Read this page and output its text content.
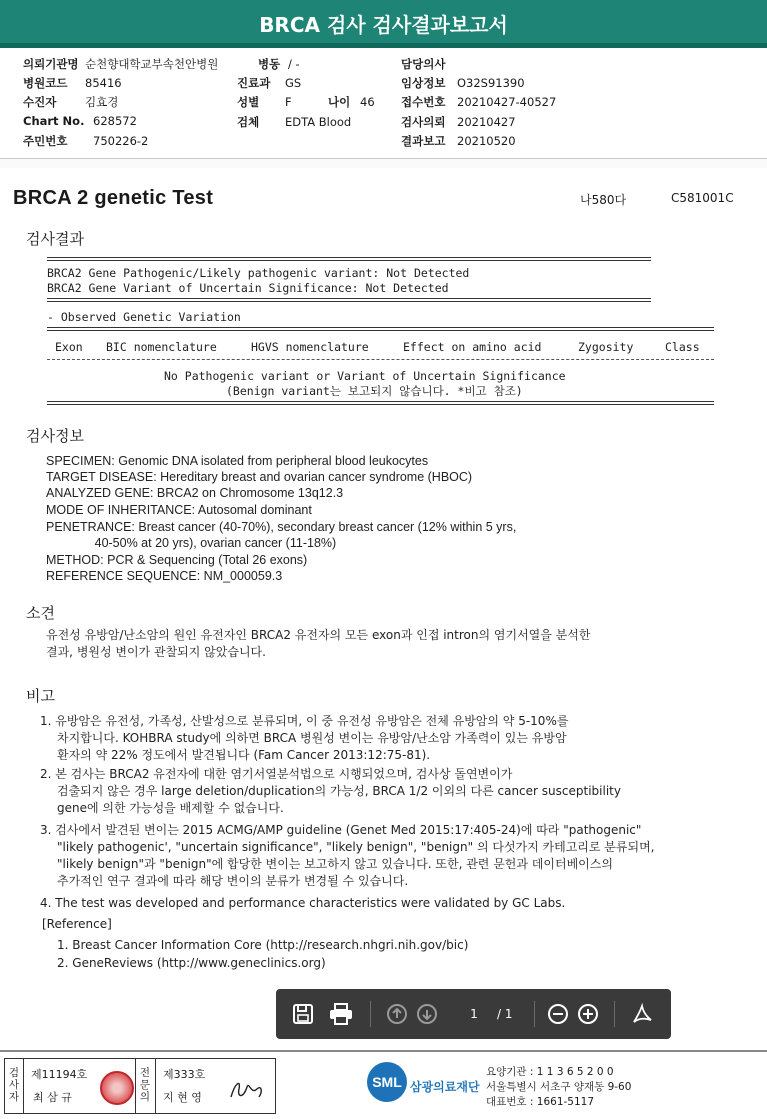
BRCA 검사 검사결과보고서
의뢰기관명 순천향대학교부속천안병원	병동 / -	담당의사
병원코드 85416	진료과 GS	임상정보 O32S91390
수진자 김효경	성별 F	나이 46 접수번호 20210427-40527
Chart No. 628572	검체 EDTA Blood	검사의뢰 20210427
주민번호 750226-2	결과보고 20210520
BRCA 2 genetic Test	나580다	C581001C
검사결과
BRCA2 Gene Pathogenic/Likely pathogenic variant: Not Detected
BRCA2 Gene Variant of Uncertain Significance: Not Detected
- Observed Genetic Variation
Exon BIC nomenclature	HGVS nomenclature	Effect on amino acid	Zygosity	Class
No Pathogenic variant or Variant of Uncertain Significance
(Benign variant는 보고되지 않습니다. *비고 참조)
검사정보
SPECIMEN: Genomic DNA isolated from peripheral blood leukocytes
TARGET DISEASE: Hereditary breast and ovarian cancer syndrome (HBOC)
ANALYZED GENE: BRCA2 on Chromosome 13q12.3
MODE OF INHERITANCE: Autosomal dominant
PENETRANCE: Breast cancer (40-70%), secondary breast cancer (12% within 5 yrs,
40-50% at 20 yrs), ovarian cancer (11-18%)
METHOD: PCR & Sequencing (Total 26 exons)
REFERENCE SEQUENCE: NM_000059.3
소견
유전성 유방암/난소암의 원인 유전자인 BRCA2 유전자의 모든 exon과 인접 intron의 염기서열을 분석한
결과, 병원성 변이가 관찰되지 않았습니다.
비고
1. 유방암은 유전성, 가족성, 산발성으로 분류되며, 이 중 유전성 유방암은 전체 유방암의 약 5-10%를
차지합니다. KOHBRA study에 의하면 BRCA 병원성 변이는 유방암/난소암 가족력이 있는 유방암
환자의 약 22% 정도에서 발견됩니다 (Fam Cancer 2013:12:75-81).
2. 본 검사는 BRCA2 유전자에 대한 염기서열분석법으로 시행되었으며, 검사상 돌연변이가
검출되지 않은 경우 large deletion/duplication의 가능성, BRCA 1/2 이외의 다른 cancer susceptibility
gene에 의한 가능성을 배제할 수 없습니다.
3. 검사에서 발견된 변이는 2015 ACMG/AMP guideline (Genet Med 2015:17:405-24)에 따라 "pathogenic"
"likely pathogenic', "uncertain significance", "likely benign", "benign" 의 다섯가지 카테고리로 분류되며,
"likely benign"과 "benign"에 합당한 변이는 보고하지 않고 있습니다. 또한, 관련 문헌과 데이터베이스의
추가적인 연구 결과에 따라 해당 변이의 분류가 변경될 수 있습니다.
4. The test was developed and performance characteristics were validated by GC Labs.
[Reference]
1. Breast Cancer Information Core (http://research.nhgri.nih.gov/bic)
2. GeneReviews (http://www.geneclinics.org)
1	/ 1
검
사
자
제11194호
최 삼 규
전
문
의
제333호
지 현 영
SML 삼광의료재단
요양기관 : 1 1 3 6 5 2 0 0
서울특별시 서초구 양재동 9-60
대표번호 : 1661-5117
